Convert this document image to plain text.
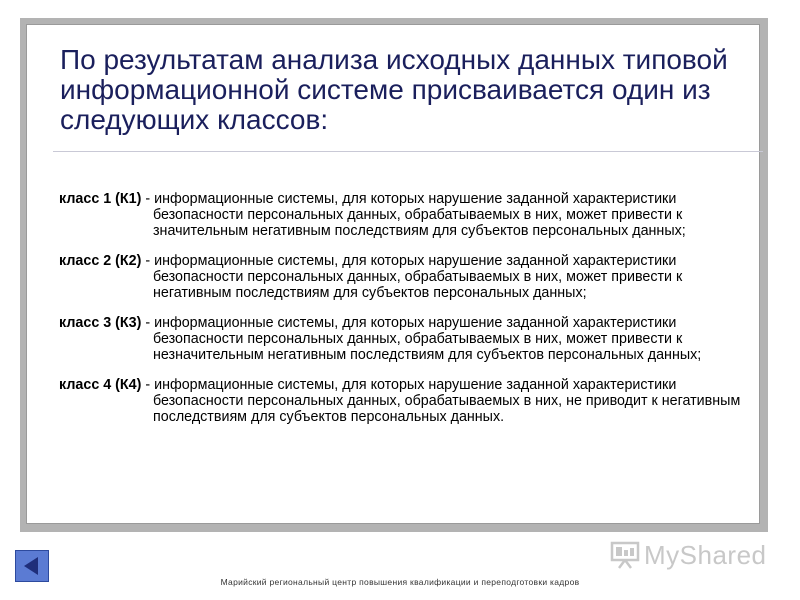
По результатам анализа исходных данных типовой информационной системе присваивается один из следующих классов:
класс 1 (К1) - информационные системы, для которых нарушение заданной характеристики безопасности персональных данных, обрабатываемых в них, может привести к значительным негативным последствиям для субъектов персональных данных;
класс 2 (К2) - информационные системы, для которых нарушение заданной характеристики безопасности персональных данных, обрабатываемых в них, может привести к негативным последствиям для субъектов персональных данных;
класс 3 (К3) - информационные системы, для которых нарушение заданной характеристики безопасности персональных данных, обрабатываемых в них, может привести к незначительным негативным последствиям для субъектов персональных данных;
класс 4 (К4) - информационные системы, для которых нарушение заданной характеристики безопасности персональных данных, обрабатываемых в них, не приводит к негативным последствиям для субъектов персональных данных.
MyShared
Марийский региональный центр повышения квалификации и переподготовки кадров
